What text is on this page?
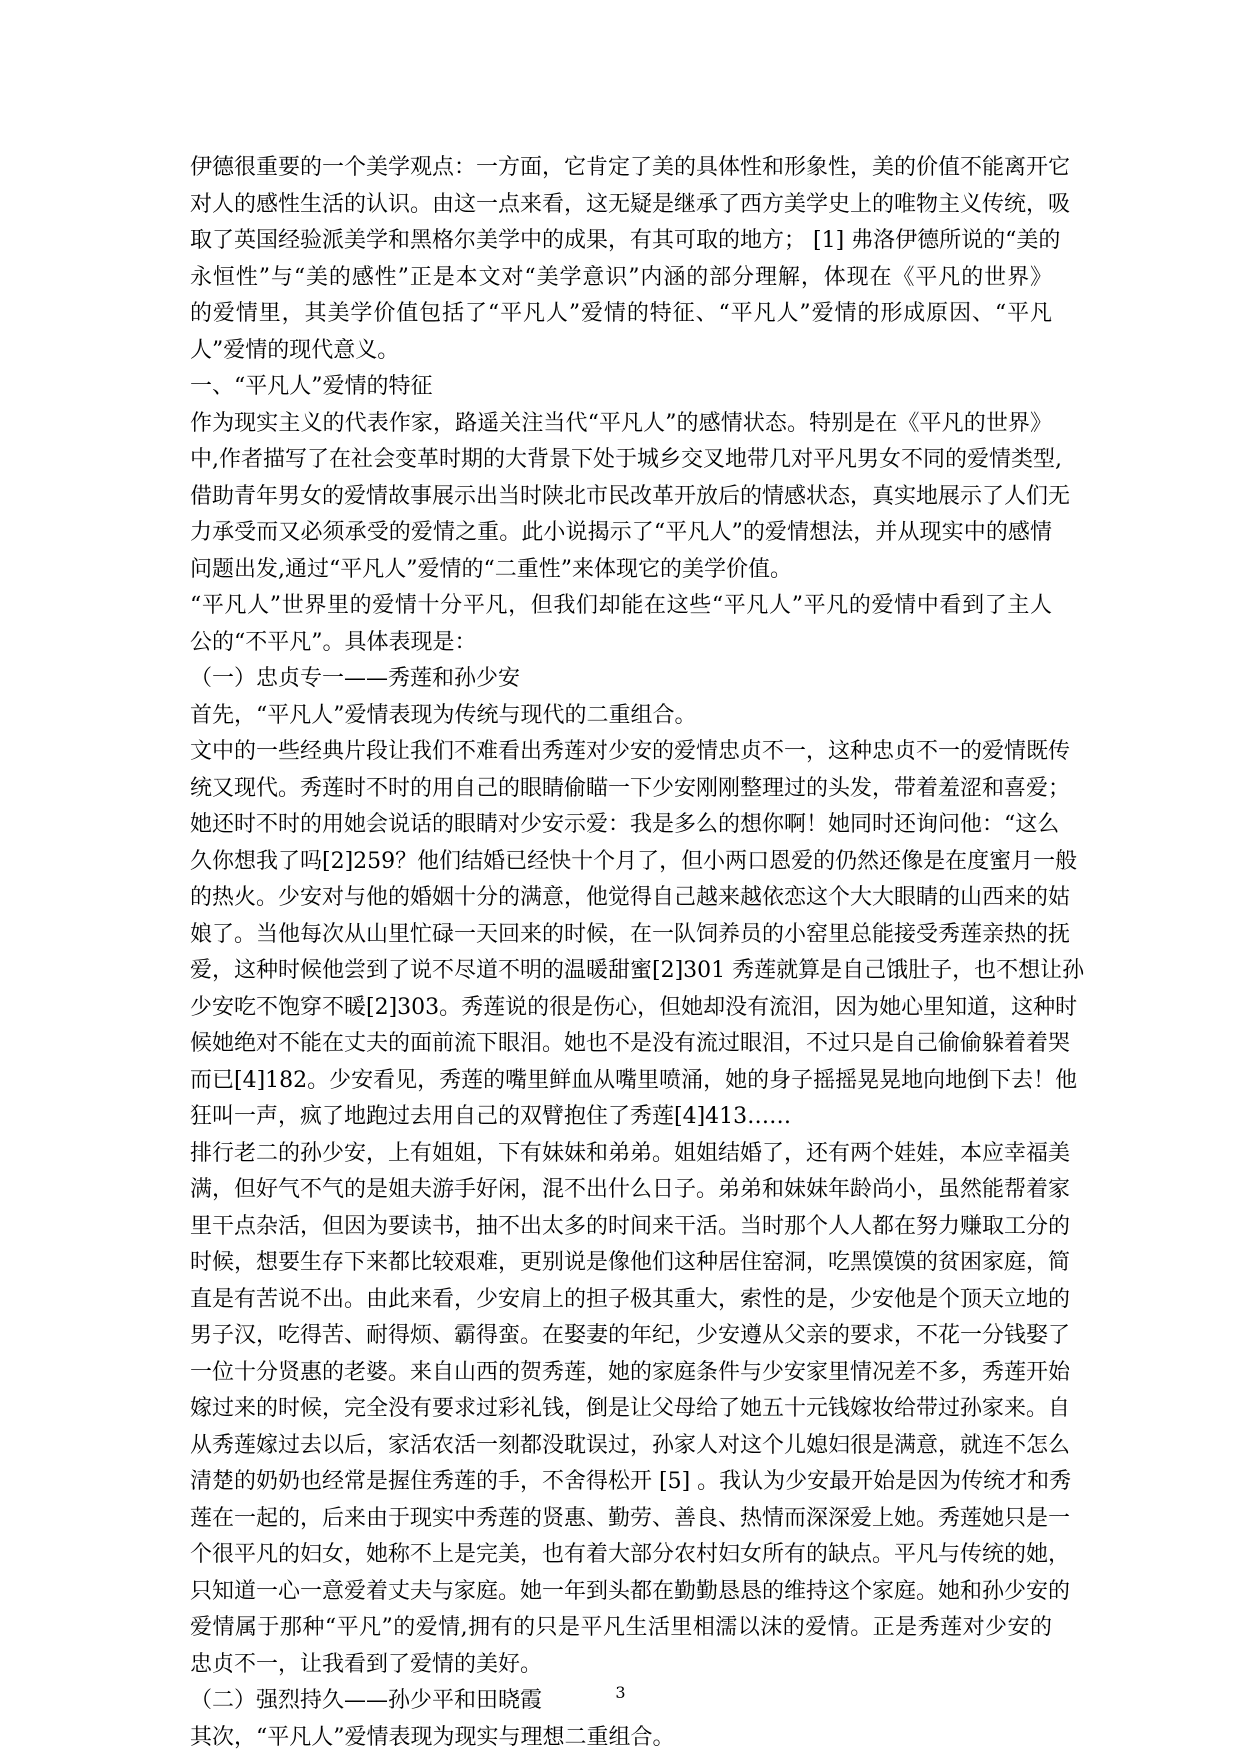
伊德很重要的一个美学观点：一方面，它肯定了美的具体性和形象性，美的价值不能离开它
对人的感性生活的认识。由这一点来看，这无疑是继承了西方美学史上的唯物主义传统，吸
取了英国经验派美学和黑格尔美学中的成果，有其可取的地方； [1] 弗洛伊德所说的“美的
永恒性”与“美的感性”正是本文对“美学意识”内涵的部分理解，体现在《平凡的世界》
的爱情里，其美学价值包括了“平凡人”爱情的特征、“平凡人”爱情的形成原因、“平凡
人”爱情的现代意义。
一、“平凡人”爱情的特征
作为现实主义的代表作家，路遥关注当代“平凡人”的感情状态。特别是在《平凡的世界》
中,作者描写了在社会变革时期的大背景下处于城乡交叉地带几对平凡男女不同的爱情类型,
借助青年男女的爱情故事展示出当时陕北市民改革开放后的情感状态，真实地展示了人们无
力承受而又必须承受的爱情之重。此小说揭示了“平凡人”的爱情想法，并从现实中的感情
问题出发,通过“平凡人”爱情的“二重性”来体现它的美学价值。
“平凡人”世界里的爱情十分平凡，但我们却能在这些“平凡人”平凡的爱情中看到了主人
公的“不平凡”。具体表现是：
（一）忠贞专一——秀莲和孙少安
首先，“平凡人”爱情表现为传统与现代的二重组合。
文中的一些经典片段让我们不难看出秀莲对少安的爱情忠贞不一，这种忠贞不一的爱情既传
统又现代。秀莲时不时的用自己的眼睛偷瞄一下少安刚刚整理过的头发，带着羞涩和喜爱；
她还时不时的用她会说话的眼睛对少安示爱：我是多么的想你啊！她同时还询问他：“这么
久你想我了吗[2]259？他们结婚已经快十个月了，但小两口恩爱的仍然还像是在度蜜月一般
的热火。少安对与他的婚姻十分的满意，他觉得自己越来越依恋这个大大眼睛的山西来的姑
娘了。当他每次从山里忙碌一天回来的时候，在一队饲养员的小窑里总能接受秀莲亲热的抚
爱，这种时候他尝到了说不尽道不明的温暖甜蜜[2]301 秀莲就算是自己饿肚子，也不想让孙
少安吃不饱穿不暖[2]303。秀莲说的很是伤心，但她却没有流泪，因为她心里知道，这种时
候她绝对不能在丈夫的面前流下眼泪。她也不是没有流过眼泪，不过只是自己偷偷躲着着哭
而已[4]182。少安看见，秀莲的嘴里鲜血从嘴里喷涌，她的身子摇摇晃晃地向地倒下去！他
狂叫一声，疯了地跑过去用自己的双臂抱住了秀莲[4]413……
排行老二的孙少安，上有姐姐，下有妹妹和弟弟。姐姐结婚了，还有两个娃娃，本应幸福美
满，但好气不气的是姐夫游手好闲，混不出什么日子。弟弟和妹妹年龄尚小，虽然能帮着家
里干点杂活，但因为要读书，抽不出太多的时间来干活。当时那个人人都在努力赚取工分的
时候，想要生存下来都比较艰难，更别说是像他们这种居住窑洞，吃黑馍馍的贫困家庭，简
直是有苦说不出。由此来看，少安肩上的担子极其重大，索性的是，少安他是个顶天立地的
男子汉，吃得苦、耐得烦、霸得蛮。在娶妻的年纪，少安遵从父亲的要求，不花一分钱娶了
一位十分贤惠的老婆。来自山西的贺秀莲，她的家庭条件与少安家里情况差不多，秀莲开始
嫁过来的时候，完全没有要求过彩礼钱，倒是让父母给了她五十元钱嫁妆给带过孙家来。自
从秀莲嫁过去以后，家活农活一刻都没耽误过，孙家人对这个儿媳妇很是满意，就连不怎么
清楚的奶奶也经常是握住秀莲的手，不舍得松开 [5] 。我认为少安最开始是因为传统才和秀
莲在一起的，后来由于现实中秀莲的贤惠、勤劳、善良、热情而深深爱上她。秀莲她只是一
个很平凡的妇女，她称不上是完美，也有着大部分农村妇女所有的缺点。平凡与传统的她，
只知道一心一意爱着丈夫与家庭。她一年到头都在勤勤恳恳的维持这个家庭。她和孙少安的
爱情属于那种“平凡”的爱情,拥有的只是平凡生活里相濡以沫的爱情。正是秀莲对少安的
忠贞不一，让我看到了爱情的美好。
（二）强烈持久——孙少平和田晓霞
其次，“平凡人”爱情表现为现实与理想二重组合。
3
